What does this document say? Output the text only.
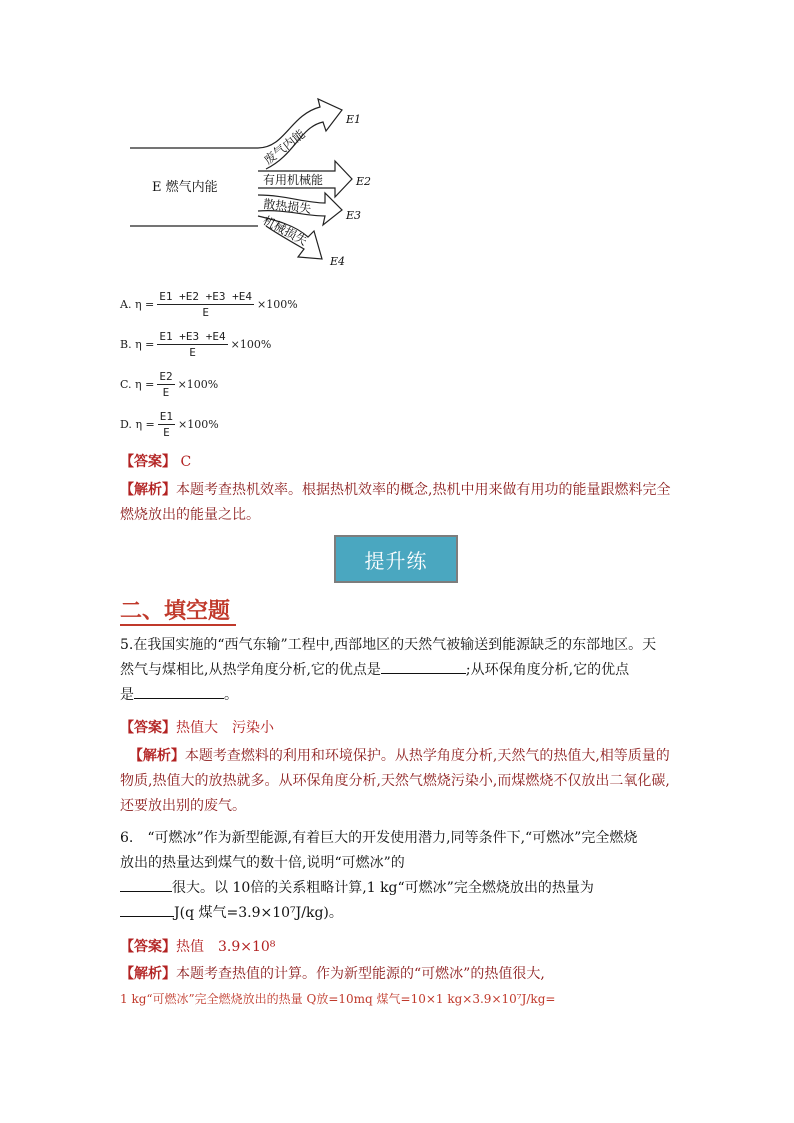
E 燃气内能
废气内能
有用机械能
散热损失
机械损失
E1
E2
E3
E4
A.
$\eta = \frac{E1 +E2 +E3 +E4}{E} \times 100\%$
B.
$\eta = \frac{E1 +E3 +E4}{E} \times 100\%$
C.
$\eta = \frac{E2}{E} \times 100\%$
D.
$\eta = \frac{E1}{E} \times 100\%$
【答案】 C
【解析】本题考查热机效率。根据热机效率的概念,热机中用来做有用功的能量跟燃料完全
燃烧放出的能量之比。
提升练
二、填空题
5.在我国实施的“西气东输”工程中,西部地区的天然气被输送到能源缺乏的东部地区。天
然气与煤相比,从热学角度分析,它的优点是	;从环保角度分析,它的优点
是	。
【答案】热值大　污染小
【解析】本题考查燃料的利用和环境保护。从热学角度分析,天然气的热值大,相等质量的
物质,热值大的放热就多。从环保角度分析,天然气燃烧污染小,而煤燃烧不仅放出二氧化碳,
还要放出别的废气。
6.　“可燃冰”作为新型能源,有着巨大的开发使用潜力,同等条件下,“可燃冰”完全燃烧
放出的热量达到煤气的数十倍,说明“可燃冰”的
很大。以 10倍的关系粗略计算,1 kg“可燃冰”完全燃烧放出的热量为
J(q 煤气=3.9×10⁷J/kg)。
【答案】热值　3.9×10⁸
【解析】本题考查热值的计算。作为新型能源的“可燃冰”的热值很大,
1 kg“可燃冰”完全燃烧放出的热量 Q放=10mq 煤气=10×1 kg×3.9×10⁷J/kg=
